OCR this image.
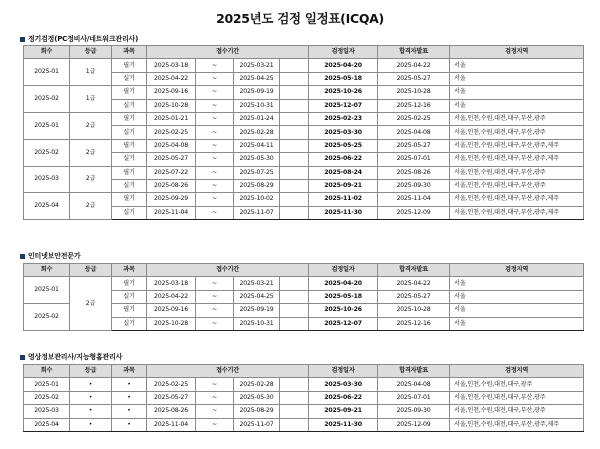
2025년도 검정 일정표(ICQA)
정기검정(PC정비사/네트워크관리사)
회수	등급	과목	접수기간				검정일자	합격자발표	검정지역
2025-01	1급	필기	2025-03-18	~	2025-03-21		2025-04-20	2025-04-22	서울
		실기	2025-04-22	~	2025-04-25		2025-05-18	2025-05-27	서울
2025-02	1급	필기	2025-09-16	~	2025-09-19		2025-10-26	2025-10-28	서울
		실기	2025-10-28	~	2025-10-31		2025-12-07	2025-12-16	서울
2025-01	2급	필기	2025-01-21	~	2025-01-24		2025-02-23	2025-02-25	서울,인천,수원,대전,대구,부산,광주
		실기	2025-02-25	~	2025-02-28		2025-03-30	2025-04-08	서울,인천,수원,대전,대구,부산,광주
2025-02	2급	필기	2025-04-08	~	2025-04-11		2025-05-25	2025-05-27	서울,인천,수원,대전,대구,부산,광주,제주
		실기	2025-05-27	~	2025-05-30		2025-06-22	2025-07-01	서울,인천,수원,대전,대구,부산,광주,제주
2025-03	2급	필기	2025-07-22	~	2025-07-25		2025-08-24	2025-08-26	서울,인천,수원,대전,대구,부산,광주
		실기	2025-08-26	~	2025-08-29		2025-09-21	2025-09-30	서울,인천,수원,대전,대구,부산,광주
2025-04	2급	필기	2025-09-29	~	2025-10-02		2025-11-02	2025-11-04	서울,인천,수원,대전,대구,부산,광주,제주
		실기	2025-11-04	~	2025-11-07		2025-11-30	2025-12-09	서울,인천,수원,대전,대구,부산,광주,제주
인터넷보안전문가
회수	등급	과목	접수기간				검정일자	합격자발표	검정지역
2025-01	2급	필기	2025-03-18	~	2025-03-21		2025-04-20	2025-04-22	서울
		실기	2025-04-22	~	2025-04-25		2025-05-18	2025-05-27	서울
2025-02		필기	2025-09-16	~	2025-09-19		2025-10-26	2025-10-28	서울
		실기	2025-10-28	~	2025-10-31		2025-12-07	2025-12-16	서울
영상정보관리사/지능형홈관리사
회수	등급	과목	접수기간				검정일자	합격자발표	검정지역
2025-01	•	•	2025-02-25	~	2025-02-28		2025-03-30	2025-04-08	서울,인천,수원,대전,대구,광주
2025-02	•	•	2025-05-27	~	2025-05-30		2025-06-22	2025-07-01	서울,인천,수원,대전,대구,부산,광주
2025-03	•	•	2025-08-26	~	2025-08-29		2025-09-21	2025-09-30	서울,인천,수원,대전,대구,부산,광주
2025-04	•	•	2025-11-04	~	2025-11-07		2025-11-30	2025-12-09	서울,인천,수원,대전,대구,부산,광주,제주
